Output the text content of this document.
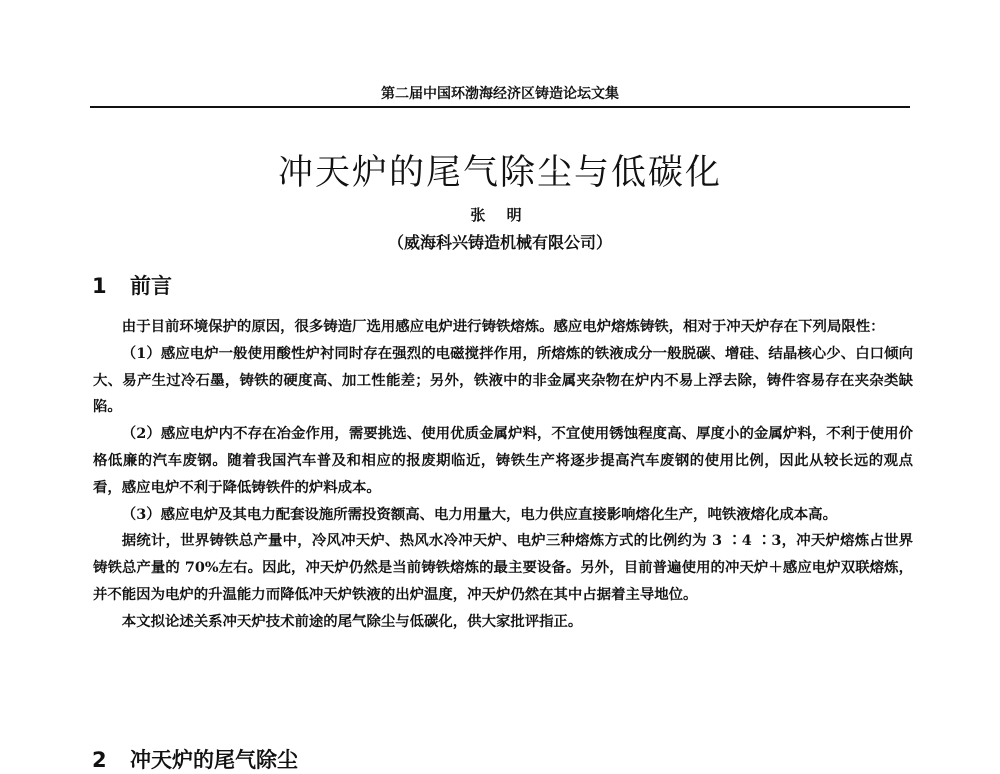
第二届中国环渤海经济区铸造论坛文集
冲天炉的尾气除尘与低碳化
张 明
（威海科兴铸造机械有限公司）
1 前言

由于目前环境保护的原因，很多铸造厂选用感应电炉进行铸铁熔炼。感应电炉熔炼铸铁，相对于冲天炉存在下列局限性：

（1）感应电炉一般使用酸性炉衬同时存在强烈的电磁搅拌作用，所熔炼的铁液成分一般脱碳、增硅、结晶核心少、白口倾向大、易产生过冷石墨，铸铁的硬度高、加工性能差；另外，铁液中的非金属夹杂物在炉内不易上浮去除，铸件容易存在夹杂类缺陷。

（2）感应电炉内不存在冶金作用，需要挑选、使用优质金属炉料，不宜使用锈蚀程度高、厚度小的金属炉料，不利于使用价格低廉的汽车废钢。随着我国汽车普及和相应的报废期临近，铸铁生产将逐步提高汽车废钢的使用比例，因此从较长远的观点看，感应电炉不利于降低铸铁件的炉料成本。

（3）感应电炉及其电力配套设施所需投资额高、电力用量大，电力供应直接影响熔化生产，吨铁液熔化成本高。

据统计，世界铸铁总产量中，冷风冲天炉、热风水冷冲天炉、电炉三种熔炼方式的比例约为 3 ∶4 ∶3，冲天炉熔炼占世界铸铁总产量的 70%左右。因此，冲天炉仍然是当前铸铁熔炼的最主要设备。另外，目前普遍使用的冲天炉＋感应电炉双联熔炼，并不能因为电炉的升温能力而降低冲天炉铁液的出炉温度，冲天炉仍然在其中占据着主导地位。

本文拟论述关系冲天炉技术前途的尾气除尘与低碳化，供大家批评指正。

2 冲天炉的尾气除尘
